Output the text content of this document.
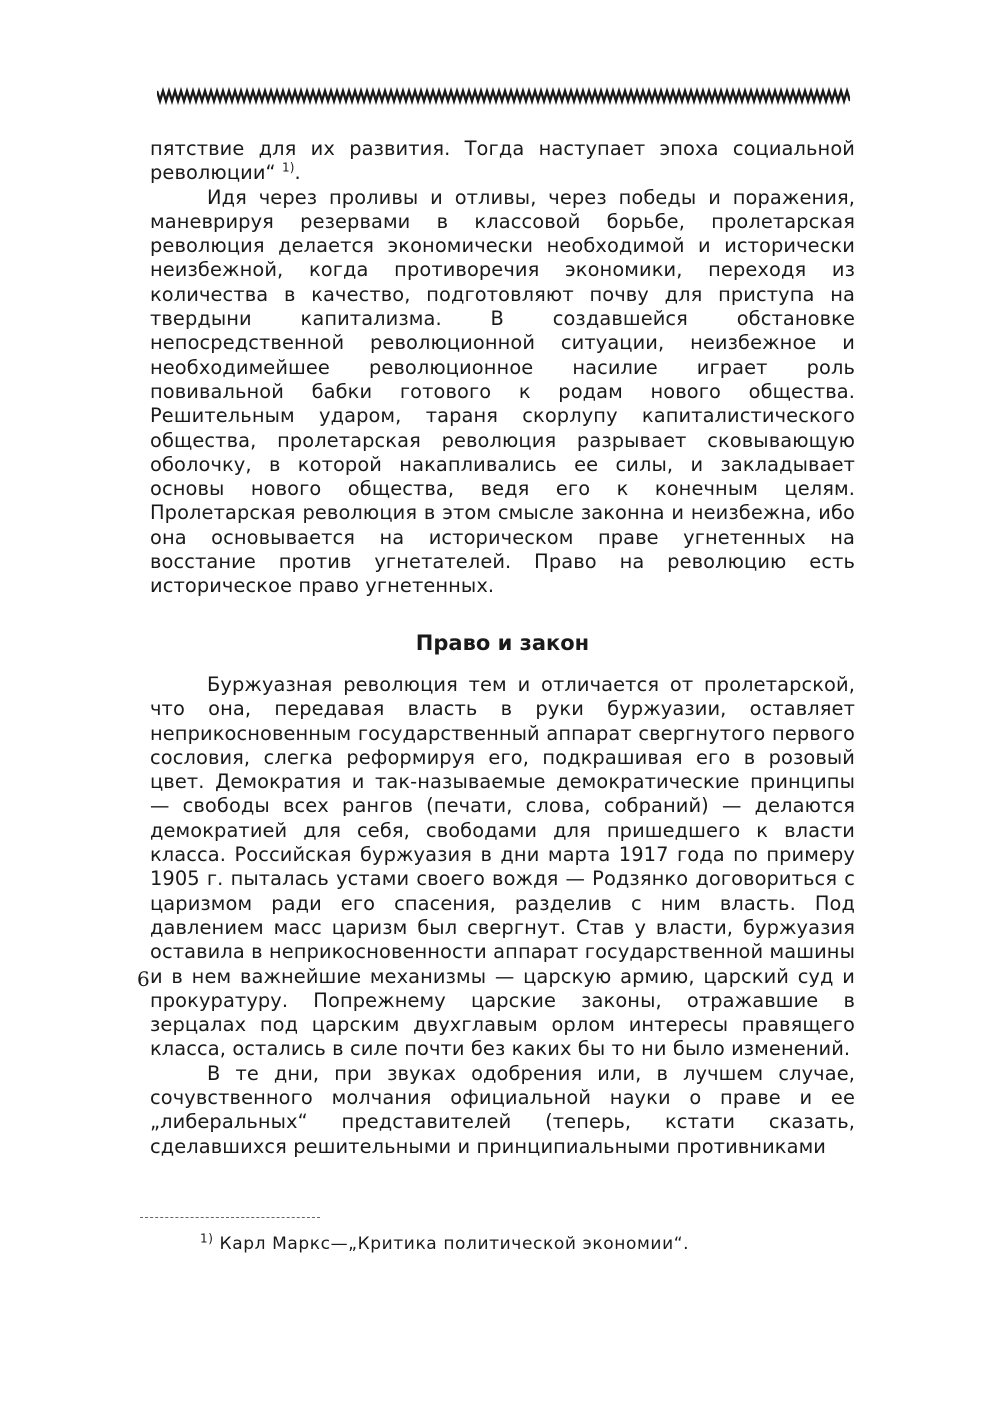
пятствие для их развития. Тогда наступает эпоха социальной революции“ $^{1)}$.

Идя через проливы и отливы, через победы и поражения, маневрируя резервами в классовой борьбе, пролетарская революция делается экономически необходимой и исторически неизбежной, когда противоречия экономики, переходя из количества в качество, подготовляют почву для приступа на твердыни капитализма. В создавшейся обстановке непосредственной революционной ситуации, неизбежное и необходимейшее революционное насилие играет роль повивальной бабки готового к родам нового общества. Решительным ударом, тараня скорлупу капиталистического общества, пролетарская революция разрывает сковывающую оболочку, в которой накапливались ее силы, и закладывает основы нового общества, ведя его к конечным целям. Пролетарская революция в этом смысле законна и неизбежна, ибо она основывается на историческом праве угнетенных на восстание против угнетателей. Право на революцию есть историческое право угнетенных.

Право и закон

Буржуазная революция тем и отличается от пролетарской, что она, передавая власть в руки буржуазии, оставляет неприкосновенным государственный аппарат свергнутого первого сословия, слегка реформируя его, подкрашивая его в розовый цвет. Демократия и так-называемые демократические принципы — свободы всех рангов (печати, слова, собраний) — делаются демократией для себя, свободами для пришедшего к власти класса. Российская буржуазия в дни марта 1917 года по примеру 1905 г. пыталась устами своего вождя — Родзянко договориться с царизмом ради его спасения, разделив с ним власть. Под давлением масс царизм был свергнут. Став у власти, буржуазия оставила в неприкосновенности аппарат государственной машины и в нем важнейшие механизмы — царскую армию, царский суд и прокуратуру. Попрежнему царские законы, отражавшие в зерцалах под царским двухглавым орлом интересы правящего класса, остались в силе почти без каких бы то ни было изменений.

В те дни, при звуках одобрения или, в лучшем случае, сочувственного молчания официальной науки о праве и ее „либеральных“ представителей (теперь, кстати сказать, сделавшихся решительными и принципиальными противниками

$^{1)}$ Карл Маркс—„Критика политической экономии“.

6
